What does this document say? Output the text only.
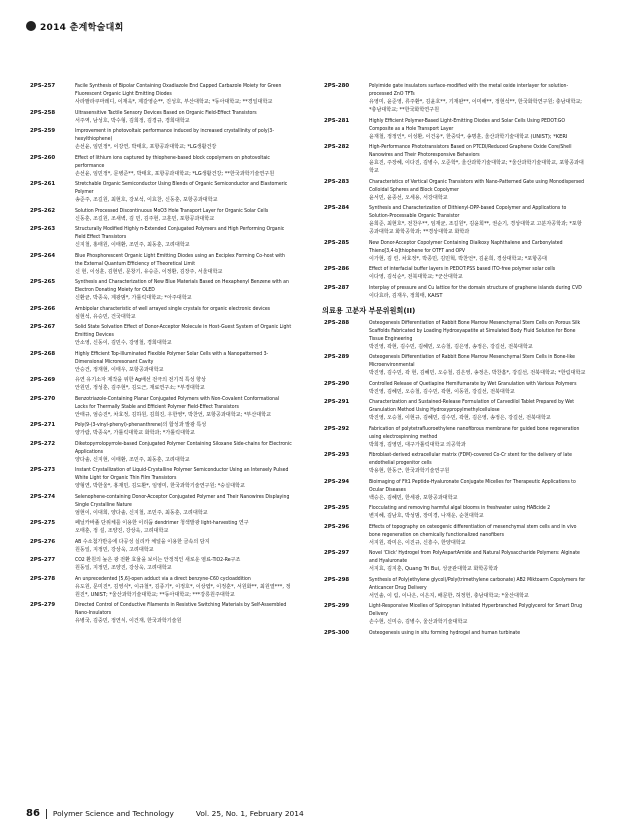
2014 춘계학술대회
2PS-257	Facile Synthesis of Bipolar Containing Oxadiazole End Capped Carbazole Moiety for Green Fluorescent Organic Light Emitting Diodes
사라팔라쿠마레디, 이재욱*, 제갈영순**, 진성호, 부산대학교; *동아대학교; **경일대학교
2PS-258	Ultrasensitive Tactile Sensory Devices Based on Organic Field-Effect Transistors
서주역, 남성호, 박수형, 김희정, 김경규, 경희대학교
2PS-259	Improvement in photovoltaic performance induced by increased crystallinity of poly(3-hexylthiophene)
손선윤, 임민정*, 이강연, 박태호, 포항공과대학교; *LG생활건강
2PS-260	Effect of lithium ions captured by thiophene-based block copolymers on photovoltaic performance
손선윤, 임민정*, 문병준**, 박태호, 포항공과대학교; *LG생활건강; **한국과학기술연구원
2PS-261	Stretchable Organic Semiconductor Using Blends of Organic Semiconductor and Elastomeric Polymer
송준주, 조길원, 최현호, 강보석, 이효찬, 신동훈, 포항공과대학교
2PS-262	Solution Processed Discontinuous MoO3 Hole Transport Layer for Organic Solar Cells
신동훈, 조길원, 조새벽, 김 민, 김주현, 고훈민, 포항공과대학교
2PS-263	Structurally Modified Highly π-Extended Conjugated Polymers and High Performing Organic Field Effect Transistors
신지철, 홍태원, 이태환, 조민주, 최동훈, 고려대학교
2PS-264	Blue Phosphorescent Organic Light Emitting Diodes using an Exciplex Forming Co-host with the External Quantum Efficiency of Theoretical Limit
신 현, 이성훈, 김현빈, 문창기, 유승준, 이정환, 김장주, 서울대학교
2PS-265	Synthesis and Characterization of New Blue Materials Based on Hexaphenyl Benzene with an Electron Donating Moiety for OLED
신환균, 박종욱, 계광범*, 가톨릭대학교; *아주대학교
2PS-266	Ambipolar characteristic of well arrayed single crystals for organic electronic devices
심현석, 유승민, 건국대학교
2PS-267	Solid State Solvation Effect of Donor-Acceptor Molecule in Host-Guest System of Organic Light Emitting Devices
안소영, 신동이, 김민수, 강영철, 경희대학교
2PS-268	Highly Efficient Top-Illuminated Flexible Polymer Solar Cells with a Nanopatterned 3-Dimensional Microresonant Cavity
안승건, 정재현, 이태우, 포항공과대학교
2PS-269	유연 유기소자 제작을 위한 Ag배선 전극의 전기적 특성 향상
안원민, 정성훈, 김주현*, 김도근, 재료연구소; *부경대학교
2PS-270	Benzotriazole-Containing Planar Conjugated Polymers with Non-Covalent Conformational Locks for Thermally Stable and Efficient Polymer Field-Effect Transistors
안태규, 엄승진*, 차효정, 김하원, 김희진, 우한영*, 박찬언, 포항공과대학교; *부산대학교
2PS-271	Poly(9-(3-vinyl-phenyl)-phenanthrene)의 합성과 발광 특성
양가람, 박종욱*, 가톨릭대학교 화학과; *가톨릭대학교
2PS-272	Diketopyrrolopyrrole-based Conjugated Polymer Containing Siloxane Side-chains for Electronic Applications
양다솔, 신지현, 이태환, 조민주, 최동훈, 고려대학교
2PS-273	Instant Crystallization of Liquid-Crystalline Polymer Semiconductor Using an Intensely Pulsed White Light for Organic Thin Film Transistors
양형연, 박한울*, 홍재민, 김도환*, 임영미, 한국과학기술연구원; *숭실대학교
2PS-274	Selenophene-containing Donor-Acceptor Conjugated Polymer and Their Nanowires Displaying Single Crystalline Nature
엄현이, 이대희, 양다솔, 신지철, 조민주, 최동훈, 고려대학교
2PS-275	페닐카바졸 단위체를 이용한 이리듐 dendrimer 청색발광 light-harvesting 연구
오태훈, 정 설, 조양진, 강상욱, 고려대학교
2PS-276	AB 수소첨가반응에 다공성 실리카 체널을 이용한 금속의 담지
원동일, 지정민, 강상욱, 고려대학교
2PS-277	CO2 환원의 높은 광 전환 효율을 보이는 안정적인 새로운 염료-TiO2-Re구조
원동일, 지정민, 조양진, 강상욱, 고려대학교
2PS-278	An unprecedented [5,6]-open adduct via a direct benzyne-C60 cycloaddition
유도원, 문미진*, 김영식*, 이규철*, 김종기*, 이정호*, 이상엽*, 이정훈*, 서원화**, 최원열***, 정원진*, UNIST; *울산과학기술대학교; **동아대학교; ***강릉원주대학교
2PS-279	Directed Control of Conductive Filaments in Resistive Switching Materials by Self-Assembled Nano-Insulators
유병국, 김중민, 정연식, 이건재, 한국과학기술원
2PS-280	Polyimide gate insulators surface-modified with the metal oxide interlayer for solution-processed ZnO TFTs
유영미, 윤준영, 류주환*, 김윤호**, 기재완**, 이미해**, 정현석**, 한국화학연구원; 충남대학교; *충남대학교; **한국화학연구원
2PS-281	Highly Efficient Polymer-Based Light-Emitting Diodes and Solar Cells Using PEDOT:GO Composite as a Hole Transport Layer
윤재철, 정정인*, 이성환, 이건웅*, 한중탁*, 송명훈, 울산과학기술대학교 (UNIST); *KERI
2PS-282	High-Performance Phototransistors Based on PTCDI/Reduced Graphene Oxide Core/Shell Nanowires and Their Photoresponsive Behaviors
윤효진, 주장혜, 이다진, 김병수, 오준학*, 울산과학기술대학교; *울산과학기술대학교, 포항공과대학교
2PS-283	Characteristics of Vertical Organic Transistors with Nano-Patterned Gate using Monodispersed Colloidal Spheres and Block Copolymer
윤서민, 윤종선, 오세용, 서강대학교
2PS-284	Synthesis and Characterization of Dithienyl-DPP-based Copolymer and Applications to Solution-Processable Organic Transistor
윤희준, 최현호*, 전찬우**, 임재균, 조길원*, 김윤희**, 권순기, 경상대학교 고분자공학과; *포항공과대학교 화학공학과; **경상대학교 화학과
2PS-285	New Donor-Acceptor Copolymer Containing Dialkoxy Naphthalene and Carbonylated Thieno[3,4-b]thiophene for OTFT and OPV
이가현, 김 린, 차효정*, 박종민, 김민혁, 박찬언*, 김윤희, 경상대학교; *포항공대
2PS-286	Effect of interfacial buffer layers in PEDOT:PSS based ITO-free polymer solar cells
이다영, 김석순*, 전북대학교; *군산대학교
2PS-287	Interplay of pressure and Cu lattice for the domain structure of graphene islands during CVD
이다효라, 김재우, 정희태, KAIST
의료용 고분자 부문위원회(II)
2PS-288	Osteogenesis Differentiation of Rabbit Bone Marrow Mesenchymal Stem Cells on Porous Silk Scaffolds Fabricated by Loading Hydroxyapatite at Simulated Body Fluid Solution for Bone Tissue Engineering
박진영, 곽현, 김수민, 김혜민, 오승철, 김은영, 송정은, 강길선, 전북대학교
2PS-289	Osteogenesis Differentiation of Rabbit Bone Marrow Mesenchymal Stem Cells in Bone-like Microenvironmental
박진영, 김수민, 곽 현, 김혜민, 오승철, 김은영, 송정은, 박찬흠*, 강길선, 전북대학교; *한림대학교
2PS-290	Controlled Release of Quetiapine Hemifumarate by Wet Granulation with Various Polymers
박진영, 김혜민, 오승철, 김수민, 곽현, 이동원, 강길선, 전북대학교
2PS-291	Characterization and Sustained-Release Formulation of Carvedilol Tablet Prepared by Wet Granulation Method Using Hydroxypropylmethylcellulose
박진영, 오승철, 이현규, 김혜민, 김수민, 곽현, 김은영, 송정은, 강길선, 전북대학교
2PS-292	Fabrication of polytetrafluoroethylene nanofibrous membrane for guided bone regeneration using electrospinning method
박희정, 김영민, 대구가톨릭대학교 의공학과
2PS-293	Fibroblast-derived extracellular matrix (FDM)-covered Co-Cr stent for the delivery of late endothelial progenitor cells
박용현, 한동근, 한국과학기술연구원
2PS-294	Bioimaging of Flt1 Peptide-Hyaluronate Conjugate Micelles for Therapeutic Applications to Ocular Diseases
백승은, 김혜민, 한세광, 포항공과대학교
2PS-295	Flocculating and removing harmful algal blooms in freshwater using HABcide 2
변지혜, 김남호, 박성범, 장미경, 나재운, 순천대학교
2PS-296	Effects of topography on osteogenic differentiation of mesenchymal stem cells and in vivo bone regeneration on chemically functionalized nanofibers
서지원, 곽미은, 이진규, 신흥수, 한양대학교
2PS-297	Novel 'Click' Hydrogel from PolyAspartAmide and Natural Polysaccharide Polymers: Alginate and Hyaluronate
서지효, 김지훈, Quang Tri Bui, 성균관대학교 화학공학과
2PS-298	Synthesis of Poly(ethylene glycol)/Poly(trimethylene carbonate) AB2 Miktoarm Copolymers for Anticancer Drug Delivery
서인솔, 이 림, 이나은, 이은지, 배문한, 허정헌, 충남대학교; *울산대학교
2PS-299	Light-Responsive Micelles of Spiropyran Initiated Hyperbranched Polyglycerol for Smart Drug Delivery
손수현, 신미승, 김병수, 울산과학기술대학교
2PS-300	Osteogenesis using in situ forming hydrogel and human turbinate
86 Polymer Science and Technology	Vol. 25, No. 1, February 2014
